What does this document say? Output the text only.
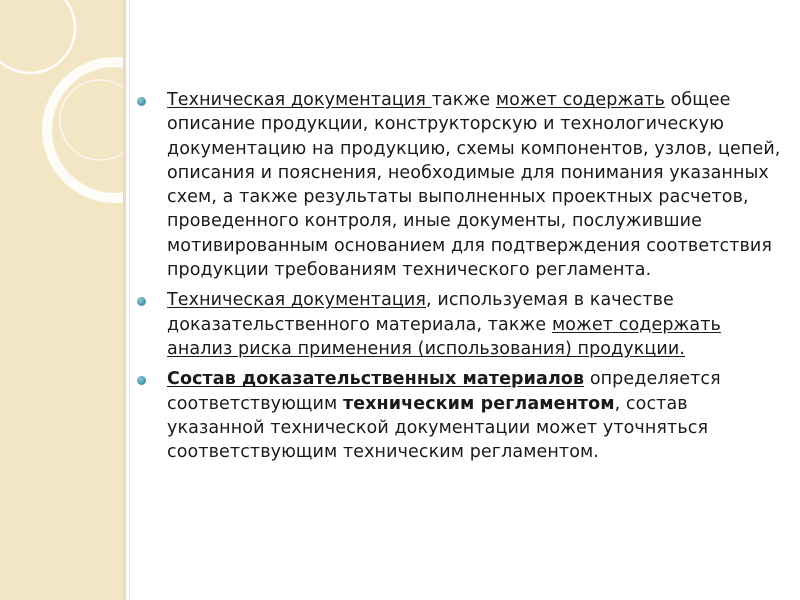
Техническая документация также может содержать общее описание продукции, конструкторскую и технологическую документацию на продукцию, схемы компонентов, узлов, цепей, описания и пояснения, необходимые для понимания указанных схем, а также результаты выполненных проектных расчетов, проведенного контроля, иные документы, послужившие мотивированным основанием для подтверждения соответствия продукции требованиям технического регламента.
Техническая документация, используемая в качестве доказательственного материала, также может содержать анализ риска применения (использования) продукции.
Состав доказательственных материалов определяется соответствующим техническим регламентом, состав указанной технической документации может уточняться соответствующим техническим регламентом.
